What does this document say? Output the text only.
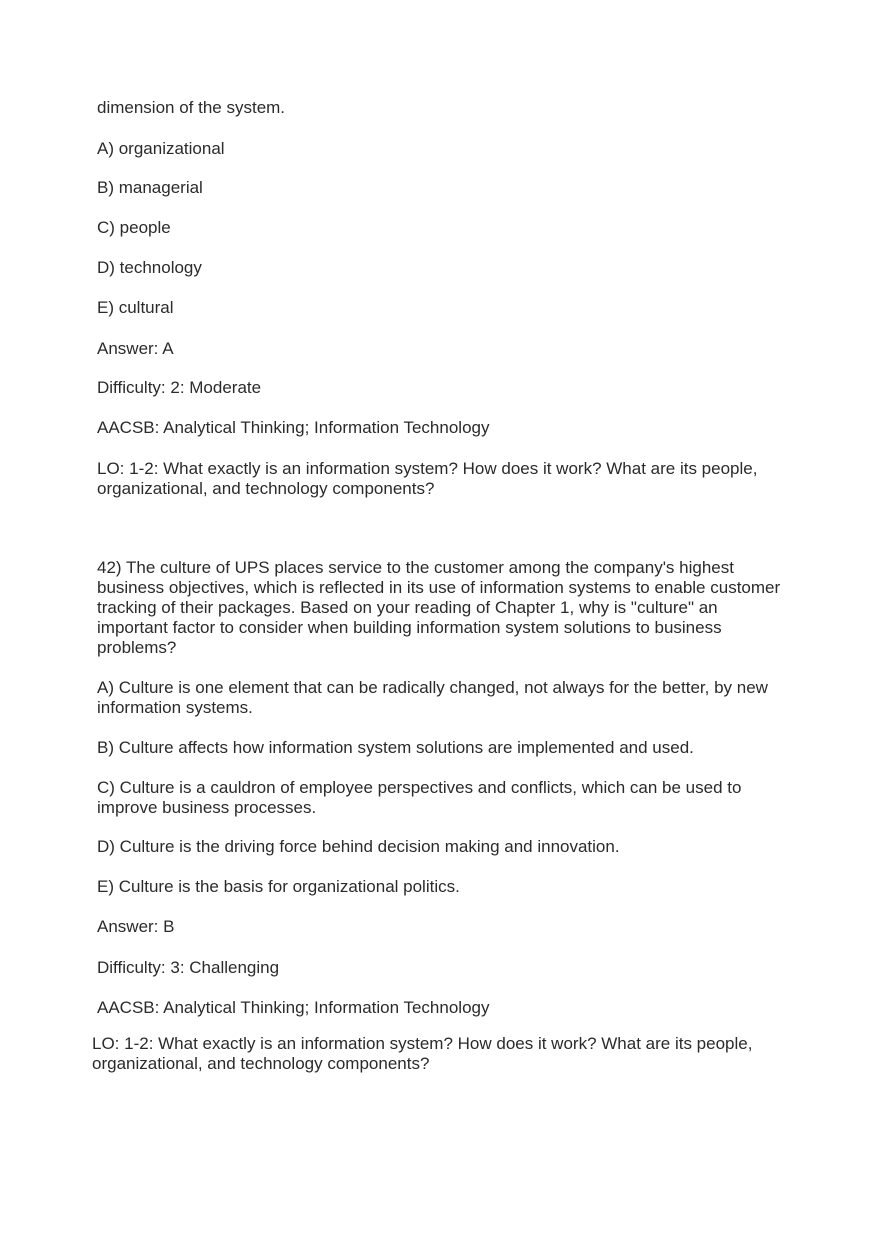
dimension of the system.

A) organizational

B) managerial

C) people

D) technology

E) cultural

Answer: A

Difficulty: 2: Moderate

AACSB: Analytical Thinking; Information Technology

LO: 1-2: What exactly is an information system? How does it work? What are its people, organizational, and technology components?

42) The culture of UPS places service to the customer among the company's highest business objectives, which is reflected in its use of information systems to enable customer tracking of their packages. Based on your reading of Chapter 1, why is "culture" an important factor to consider when building information system solutions to business problems?

A) Culture is one element that can be radically changed, not always for the better, by new information systems.

B) Culture affects how information system solutions are implemented and used.

C) Culture is a cauldron of employee perspectives and conflicts, which can be used to improve business processes.

D) Culture is the driving force behind decision making and innovation.

E) Culture is the basis for organizational politics.

Answer: B

Difficulty: 3: Challenging

AACSB: Analytical Thinking; Information Technology

LO: 1-2: What exactly is an information system? How does it work? What are its people, organizational, and technology components?
